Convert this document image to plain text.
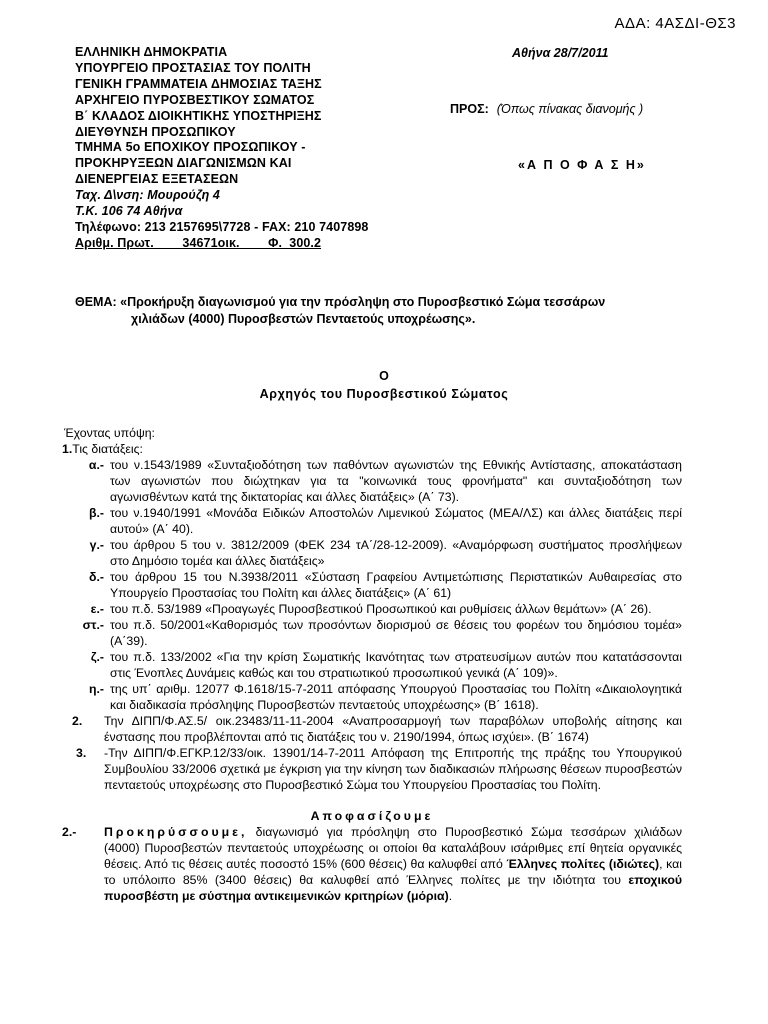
ΑΔΑ: 4ΑΣΔΙ-ΘΣ3
ΕΛΛΗΝΙΚΗ ΔΗΜΟΚΡΑΤΙΑ
ΥΠΟΥΡΓΕΙΟ ΠΡΟΣΤΑΣΙΑΣ ΤΟΥ ΠΟΛΙΤΗ
ΓΕΝΙΚΗ ΓΡΑΜΜΑΤΕΙΑ ΔΗΜΟΣΙΑΣ ΤΑΞΗΣ
ΑΡΧΗΓΕΙΟ ΠΥΡΟΣΒΕΣΤΙΚΟΥ ΣΩΜΑΤΟΣ
Β΄ ΚΛΑΔΟΣ ΔΙΟΙΚΗΤΙΚΗΣ ΥΠΟΣΤΗΡΙΞΗΣ
ΔΙΕΥΘΥΝΣΗ ΠΡΟΣΩΠΙΚΟΥ
ΤΜΗΜΑ 5ο ΕΠΟΧΙΚΟΥ ΠΡΟΣΩΠΙΚΟΥ -
ΠΡΟΚΗΡΥΞΕΩΝ ΔΙΑΓΩΝΙΣΜΩΝ ΚΑΙ
ΔΙΕΝΕΡΓΕΙΑΣ ΕΞΕΤΑΣΕΩΝ
Ταχ. Δ\νση: Μουρούζη 4
Τ.Κ. 106 74 Αθήνα
Τηλέφωνο: 213 2157695\7728 - FAX: 210 7407898
Αριθμ. Πρωτ.        34671οικ.        Φ.  300.2
Αθήνα 28/7/2011
ΠΡΟΣ: (Όπως πίνακας διανομής )
«Α Π Ο Φ Α Σ Η»
ΘΕΜΑ: «Προκήρυξη διαγωνισμού για την πρόσληψη στο Πυροσβεστικό Σώμα τεσσάρων
χιλιάδων (4000) Πυροσβεστών Πενταετούς υποχρέωσης».
Ο
Αρχηγός του Πυροσβεστικού Σώματος
Έχοντας υπόψη:
1.Τις διατάξεις:
α.- του ν.1543/1989 «Συνταξιοδότηση των παθόντων αγωνιστών της Εθνικής Αντίστασης, αποκατάσταση των αγωνιστών που διώχτηκαν για τα "κοινωνικά τους φρονήματα" και συνταξιοδότηση των αγωνισθέντων κατά της δικτατορίας και άλλες διατάξεις» (Α΄ 73).
β.- του ν.1940/1991 «Μονάδα Ειδικών Αποστολών Λιμενικού Σώματος (ΜΕΑ/ΛΣ) και άλλες διατάξεις περί αυτού» (Α΄ 40).
γ.- του άρθρου 5 του ν. 3812/2009 (ΦΕΚ 234 τΑ΄/28-12-2009). «Αναμόρφωση συστήματος προσλήψεων στο Δημόσιο τομέα και άλλες διατάξεις»
δ.- του άρθρου 15 του Ν.3938/2011 «Σύσταση Γραφείου Αντιμετώπισης Περιστατικών Αυθαιρεσίας στο Υπουργείο Προστασίας του Πολίτη και άλλες διατάξεις» (Α΄ 61)
ε.- του π.δ. 53/1989 «Προαγωγές Πυροσβεστικού Προσωπικού και ρυθμίσεις άλλων θεμάτων» (Α΄ 26).
στ.- του π.δ. 50/2001«Καθορισμός των προσόντων διορισμού σε θέσεις του φορέων του δημόσιου τομέα» (Α΄39).
ζ.- του π.δ. 133/2002 «Για την κρίση Σωματικής Ικανότητας των στρατευσίμων αυτών που κατατάσσονται στις Ένοπλες Δυνάμεις καθώς και του στρατιωτικού προσωπικού γενικά (Α΄ 109)».
η.- της υπ΄ αριθμ. 12077 Φ.1618/15-7-2011 απόφασης Υπουργού Προστασίας του Πολίτη «Δικαιολογητικά και διαδικασία πρόσληψης Πυροσβεστών πενταετούς υποχρέωσης» (Β΄ 1618).
2.	Την ΔΙΠΠ/Φ.ΑΣ.5/ οικ.23483/11-11-2004 «Αναπροσαρμογή των παραβόλων υποβολής αίτησης και ένστασης που προβλέπονται από τις διατάξεις του ν. 2190/1994, όπως ισχύει». (Β΄ 1674)
3.	-Την ΔΙΠΠ/Φ.ΕΓΚΡ.12/33/οικ. 13901/14-7-2011 Απόφαση της Επιτροπής της πράξης του Υπουργικού Συμβουλίου 33/2006 σχετικά με έγκριση για την κίνηση των διαδικασιών πλήρωσης θέσεων πυροσβεστών πενταετούς υποχρέωσης στο Πυροσβεστικό Σώμα του Υπουργείου Προστασίας του Πολίτη.
Αποφασίζουμε
2.-	Προκηρύσσουμε, διαγωνισμό για πρόσληψη στο Πυροσβεστικό Σώμα τεσσάρων χιλιάδων (4000) Πυροσβεστών πενταετούς υποχρέωσης οι οποίοι θα καταλάβουν ισάριθμες επί θητεία οργανικές θέσεις. Από τις θέσεις αυτές ποσοστό 15% (600 θέσεις) θα καλυφθεί από Έλληνες πολίτες (ιδιώτες), και το υπόλοιπο 85% (3400 θέσεις) θα καλυφθεί από Έλληνες πολίτες με την ιδιότητα του εποχικού πυροσβέστη με σύστημα αντικειμενικών κριτηρίων (μόρια).
